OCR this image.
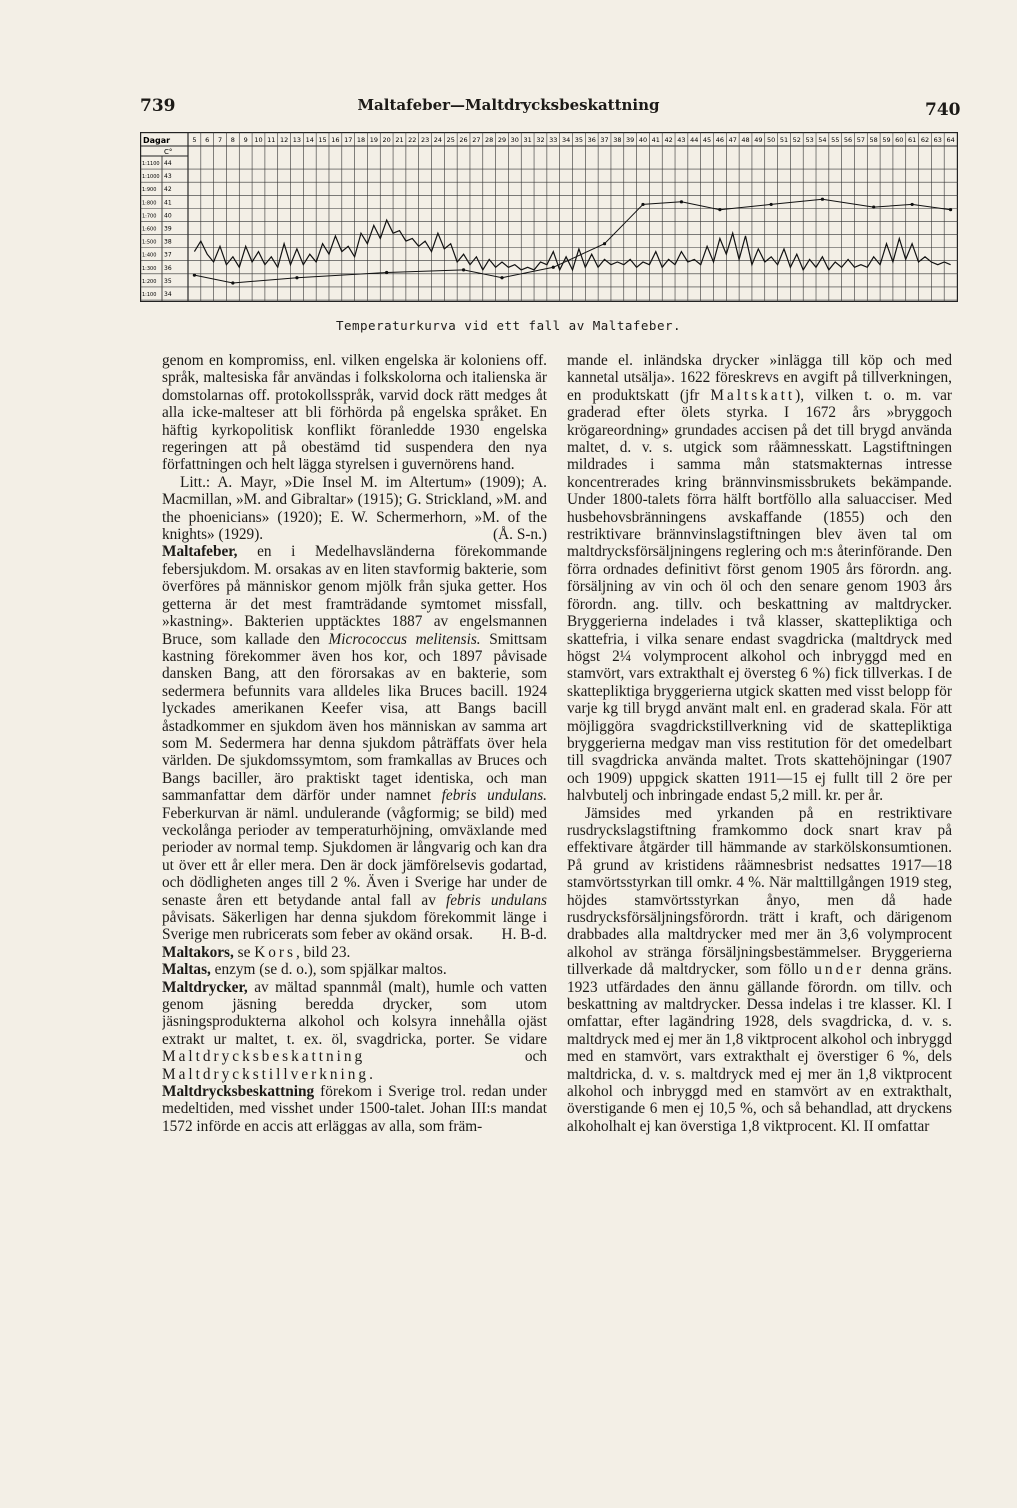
739	Maltafeber—Maltdrycksbeskattning	740
Dagar
C°
5 6 7 8 9 10 11 12 13 14 15 16 17 18 19 20 21 22 23 24 25 26 27 28 29 30 31 32 33 34 35 36 37 38 39 40 41 42 43 44 45 46 47 48 49 50 51 52 53 54 55 56 57 58 59 60 61 62 63 64
1:1100 44
1:1000 43
1:900 42
1:800 41
1:700 40
1:600 39
1:500 38
1:400 37
1:300 36
1:200 35
1:100 34
Temperaturkurva vid ett fall av Maltafeber.

genom en kompromiss, enl. vilken engelska är koloniens off. språk, maltesiska får användas i folkskolorna och italienska är domstolarnas off. protokollsspråk, varvid dock rätt medges åt alla icke-malteser att bli förhörda på engelska språket. En häftig kyrkopolitisk konflikt föranledde 1930 engelska regeringen att på obestämd tid suspendera den nya författningen och helt lägga styrelsen i guvernörens hand.

Litt.: A. Mayr, »Die Insel M. im Altertum» (1909); A. Macmillan, »M. and Gibraltar» (1915); G. Strickland, »M. and the phoenicians» (1920); E. W. Schermerhorn, »M. of the knights» (1929).	(Å. S-n.)

Maltafeber, en i Medelhavsländerna förekommande febersjukdom. M. orsakas av en liten stavformig bakterie, som överföres på människor genom mjölk från sjuka getter. Hos getterna är det mest framträdande symtomet missfall, »kastning». Bakterien upptäcktes 1887 av engelsmannen Bruce, som kallade den Micrococcus melitensis. Smittsam kastning förekommer även hos kor, och 1897 påvisade dansken Bang, att den förorsakas av en bakterie, som sedermera befunnits vara alldeles lika Bruces bacill. 1924 lyckades amerikanen Keefer visa, att Bangs bacill åstadkommer en sjukdom även hos människan av samma art som M. Sedermera har denna sjukdom påträffats över hela världen. De sjukdomssymtom, som framkallas av Bruces och Bangs baciller, äro praktiskt taget identiska, och man sammanfattar dem därför under namnet febris undulans. Feberkurvan är näml. undulerande (vågformig; se bild) med veckolånga perioder av temperaturhöjning, omväxlande med perioder av normal temp. Sjukdomen är långvarig och kan dra ut över ett år eller mera. Den är dock jämförelsevis godartad, och dödligheten anges till 2 %. Även i Sverige har under de senaste åren ett betydande antal fall av febris undulans påvisats. Säkerligen har denna sjukdom förekommit länge i Sverige men rubricerats som feber av okänd orsak. H. B-d.

Maltakors, se Kors, bild 23.

Maltas, enzym (se d. o.), som spjälkar maltos.

Maltdrycker, av mältad spannmål (malt), humle och vatten genom jäsning beredda drycker, som utom jäsningsprodukterna alkohol och kolsyra innehålla ojäst extrakt ur maltet, t. ex. öl, svagdricka, porter. Se vidare Maltdrycksbeskattning och Maltdryckstillverkning.

Maltdrycksbeskattning förekom i Sverige trol. redan under medeltiden, med visshet under 1500-talet. Johan III:s mandat 1572 införde en accis att erläggas av alla, som främ-

mande el. inländska drycker »inlägga till köp och med kannetal utsälja». 1622 föreskrevs en avgift på tillverkningen, en produktskatt (jfr Maltskatt), vilken t. o. m. var graderad efter ölets styrka. I 1672 års »bryggoch krögareordning» grundades accisen på det till brygd använda maltet, d. v. s. utgick som råämnesskatt. Lagstiftningen mildrades i samma mån statsmakternas intresse koncentrerades kring brännvinsmissbrukets bekämpande. Under 1800-talets förra hälft bortföllo alla saluacciser. Med husbehovsbränningens avskaffande (1855) och den restriktivare brännvinslagstiftningen blev även tal om maltdrycksförsäljningens reglering och m:s återinförande. Den förra ordnades definitivt först genom 1905 års förordn. ang. försäljning av vin och öl och den senare genom 1903 års förordn. ang. tillv. och beskattning av maltdrycker. Bryggerierna indelades i två klasser, skattepliktiga och skattefria, i vilka senare endast svagdricka (maltdryck med högst 2¼ volymprocent alkohol och inbryggd med en stamvört, vars extrakthalt ej översteg 6 %) fick tillverkas. I de skattepliktiga bryggerierna utgick skatten med visst belopp för varje kg till brygd använt malt enl. en graderad skala. För att möjliggöra svagdrickstillverkning vid de skattepliktiga bryggerierna medgav man viss restitution för det omedelbart till svagdricka använda maltet. Trots skattehöjningar (1907 och 1909) uppgick skatten 1911—15 ej fullt till 2 öre per halvbutelj och inbringade endast 5,2 mill. kr. per år.

Jämsides med yrkanden på en restriktivare rusdryckslagstiftning framkommo dock snart krav på effektivare åtgärder till hämmande av starkölskonsumtionen. På grund av kristidens råämnesbrist nedsattes 1917—18 stamvörtsstyrkan till omkr. 4 %. När malttillgången 1919 steg, höjdes stamvörtsstyrkan ånyo, men då hade rusdrycksförsäljningsförordn. trätt i kraft, och därigenom drabbades alla maltdrycker med mer än 3,6 volymprocent alkohol av stränga försäljningsbestämmelser. Bryggerierna tillverkade då maltdrycker, som föllo under denna gräns. 1923 utfärdades den ännu gällande förordn. om tillv. och beskattning av maltdrycker. Dessa indelas i tre klasser. Kl. I omfattar, efter lagändring 1928, dels svagdricka, d. v. s. maltdryck med ej mer än 1,8 viktprocent alkohol och inbryggd med en stamvört, vars extrakthalt ej överstiger 6 %, dels maltdricka, d. v. s. maltdryck med ej mer än 1,8 viktprocent alkohol och inbryggd med en stamvört av en extrakthalt, överstigande 6 men ej 10,5 %, och så behandlad, att dryckens alkoholhalt ej kan överstiga 1,8 viktprocent. Kl. II omfattar
